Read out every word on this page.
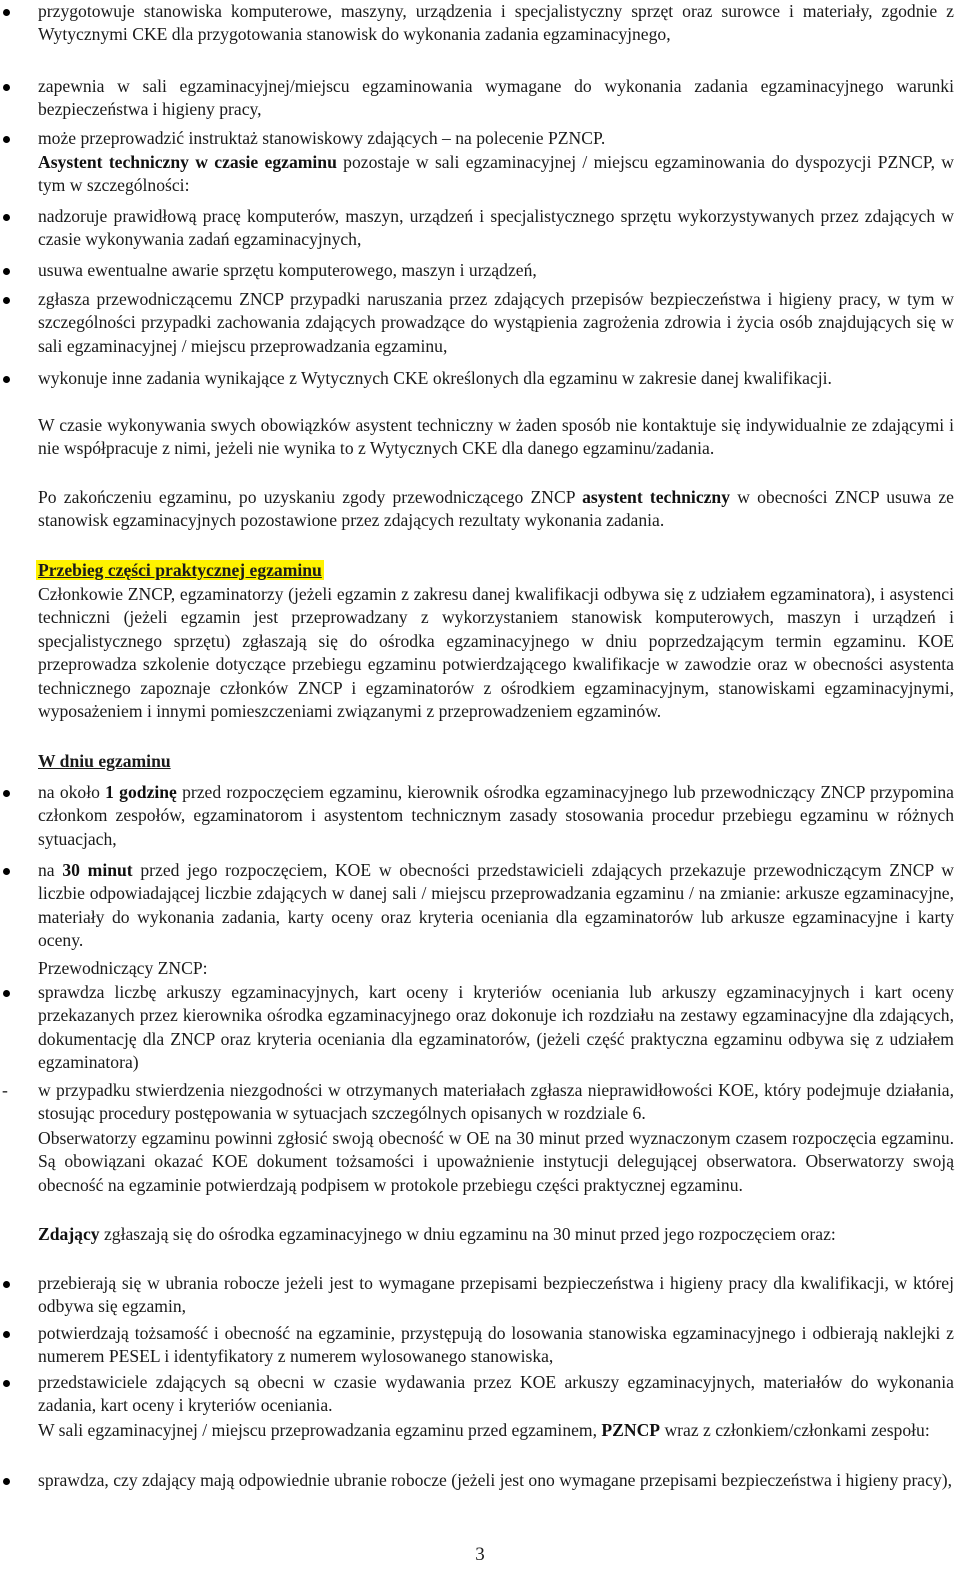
przygotowuje stanowiska komputerowe, maszyny, urządzenia i specjalistyczny sprzęt oraz surowce i materiały, zgodnie z Wytycznymi CKE dla przygotowania stanowisk do wykonania zadania egzaminacyjnego,
zapewnia w sali egzaminacyjnej/miejscu egzaminowania wymagane do wykonania zadania egzaminacyjnego warunki bezpieczeństwa i higieny pracy,
może przeprowadzić instruktaż stanowiskowy zdających – na polecenie PZNCP.
Asystent techniczny w czasie egzaminu pozostaje w sali egzaminacyjnej / miejscu egzaminowania do dyspozycji PZNCP, w tym w szczególności:
nadzoruje prawidłową pracę komputerów, maszyn, urządzeń i specjalistycznego sprzętu wykorzystywanych przez zdających w czasie wykonywania zadań egzaminacyjnych,
usuwa ewentualne awarie sprzętu komputerowego, maszyn i urządzeń,
zgłasza przewodniczącemu ZNCP przypadki naruszania przez zdających przepisów bezpieczeństwa i higieny pracy, w tym w szczególności przypadki zachowania zdających prowadzące do wystąpienia zagrożenia zdrowia i życia osób znajdujących się w sali egzaminacyjnej / miejscu przeprowadzania egzaminu,
wykonuje inne zadania wynikające z Wytycznych CKE określonych dla egzaminu w zakresie danej kwalifikacji.
W czasie wykonywania swych obowiązków asystent techniczny w żaden sposób nie kontaktuje się indywidualnie ze zdającymi i nie współpracuje z nimi, jeżeli nie wynika to z Wytycznych CKE dla danego egzaminu/zadania.
Po zakończeniu egzaminu, po uzyskaniu zgody przewodniczącego ZNCP asystent techniczny w obecności ZNCP usuwa ze stanowisk egzaminacyjnych pozostawione przez zdających rezultaty wykonania zadania.
Przebieg części praktycznej egzaminu
Członkowie ZNCP, egzaminatorzy (jeżeli egzamin z zakresu danej kwalifikacji odbywa się z udziałem egzaminatora), i asystenci techniczni (jeżeli egzamin jest przeprowadzany z wykorzystaniem stanowisk komputerowych, maszyn i urządzeń i specjalistycznego sprzętu) zgłaszają się do ośrodka egzaminacyjnego w dniu poprzedzającym termin egzaminu. KOE przeprowadza szkolenie dotyczące przebiegu egzaminu potwierdzającego kwalifikacje w zawodzie oraz w obecności asystenta technicznego zapoznaje członków ZNCP i egzaminatorów z ośrodkiem egzaminacyjnym, stanowiskami egzaminacyjnymi, wyposażeniem i innymi pomieszczeniami związanymi z przeprowadzeniem egzaminów.
W dniu egzaminu
na około 1 godzinę przed rozpoczęciem egzaminu, kierownik ośrodka egzaminacyjnego lub przewodniczący ZNCP przypomina członkom zespołów, egzaminatorom i asystentom technicznym zasady stosowania procedur przebiegu egzaminu w różnych sytuacjach,
na 30 minut przed jego rozpoczęciem, KOE w obecności przedstawicieli zdających przekazuje przewodniczącym ZNCP w liczbie odpowiadającej liczbie zdających w danej sali / miejscu przeprowadzania egzaminu / na zmianie: arkusze egzaminacyjne, materiały do wykonania zadania, karty oceny oraz kryteria oceniania dla egzaminatorów lub arkusze egzaminacyjne i karty oceny.
Przewodniczący ZNCP:
sprawdza liczbę arkuszy egzaminacyjnych, kart oceny i kryteriów oceniania lub arkuszy egzaminacyjnych i kart oceny przekazanych przez kierownika ośrodka egzaminacyjnego oraz dokonuje ich rozdziału na zestawy egzaminacyjne dla zdających, dokumentację dla ZNCP oraz kryteria oceniania dla egzaminatorów, (jeżeli część praktyczna egzaminu odbywa się z udziałem egzaminatora)
- w przypadku stwierdzenia niezgodności w otrzymanych materiałach zgłasza nieprawidłowości KOE, który podejmuje działania, stosując procedury postępowania w sytuacjach szczególnych opisanych w rozdziale 6.
Obserwatorzy egzaminu powinni zgłosić swoją obecność w OE na 30 minut przed wyznaczonym czasem rozpoczęcia egzaminu. Są obowiązani okazać KOE dokument tożsamości i upoważnienie instytucji delegującej obserwatora. Obserwatorzy swoją obecność na egzaminie potwierdzają podpisem w protokole przebiegu części praktycznej egzaminu.
Zdający zgłaszają się do ośrodka egzaminacyjnego w dniu egzaminu na 30 minut przed jego rozpoczęciem oraz:
przebierają się w ubrania robocze jeżeli jest to wymagane przepisami bezpieczeństwa i higieny pracy dla kwalifikacji, w której odbywa się egzamin,
potwierdzają tożsamość i obecność na egzaminie, przystępują do losowania stanowiska egzaminacyjnego i odbierają naklejki z numerem PESEL i identyfikatory z numerem wylosowanego stanowiska,
przedstawiciele zdających są obecni w czasie wydawania przez KOE arkuszy egzaminacyjnych, materiałów do wykonania zadania, kart oceny i kryteriów oceniania.
W sali egzaminacyjnej / miejscu przeprowadzania egzaminu przed egzaminem, PZNCP wraz z członkiem/członkami zespołu:
sprawdza, czy zdający mają odpowiednie ubranie robocze (jeżeli jest ono wymagane przepisami bezpieczeństwa i higieny pracy),
3
